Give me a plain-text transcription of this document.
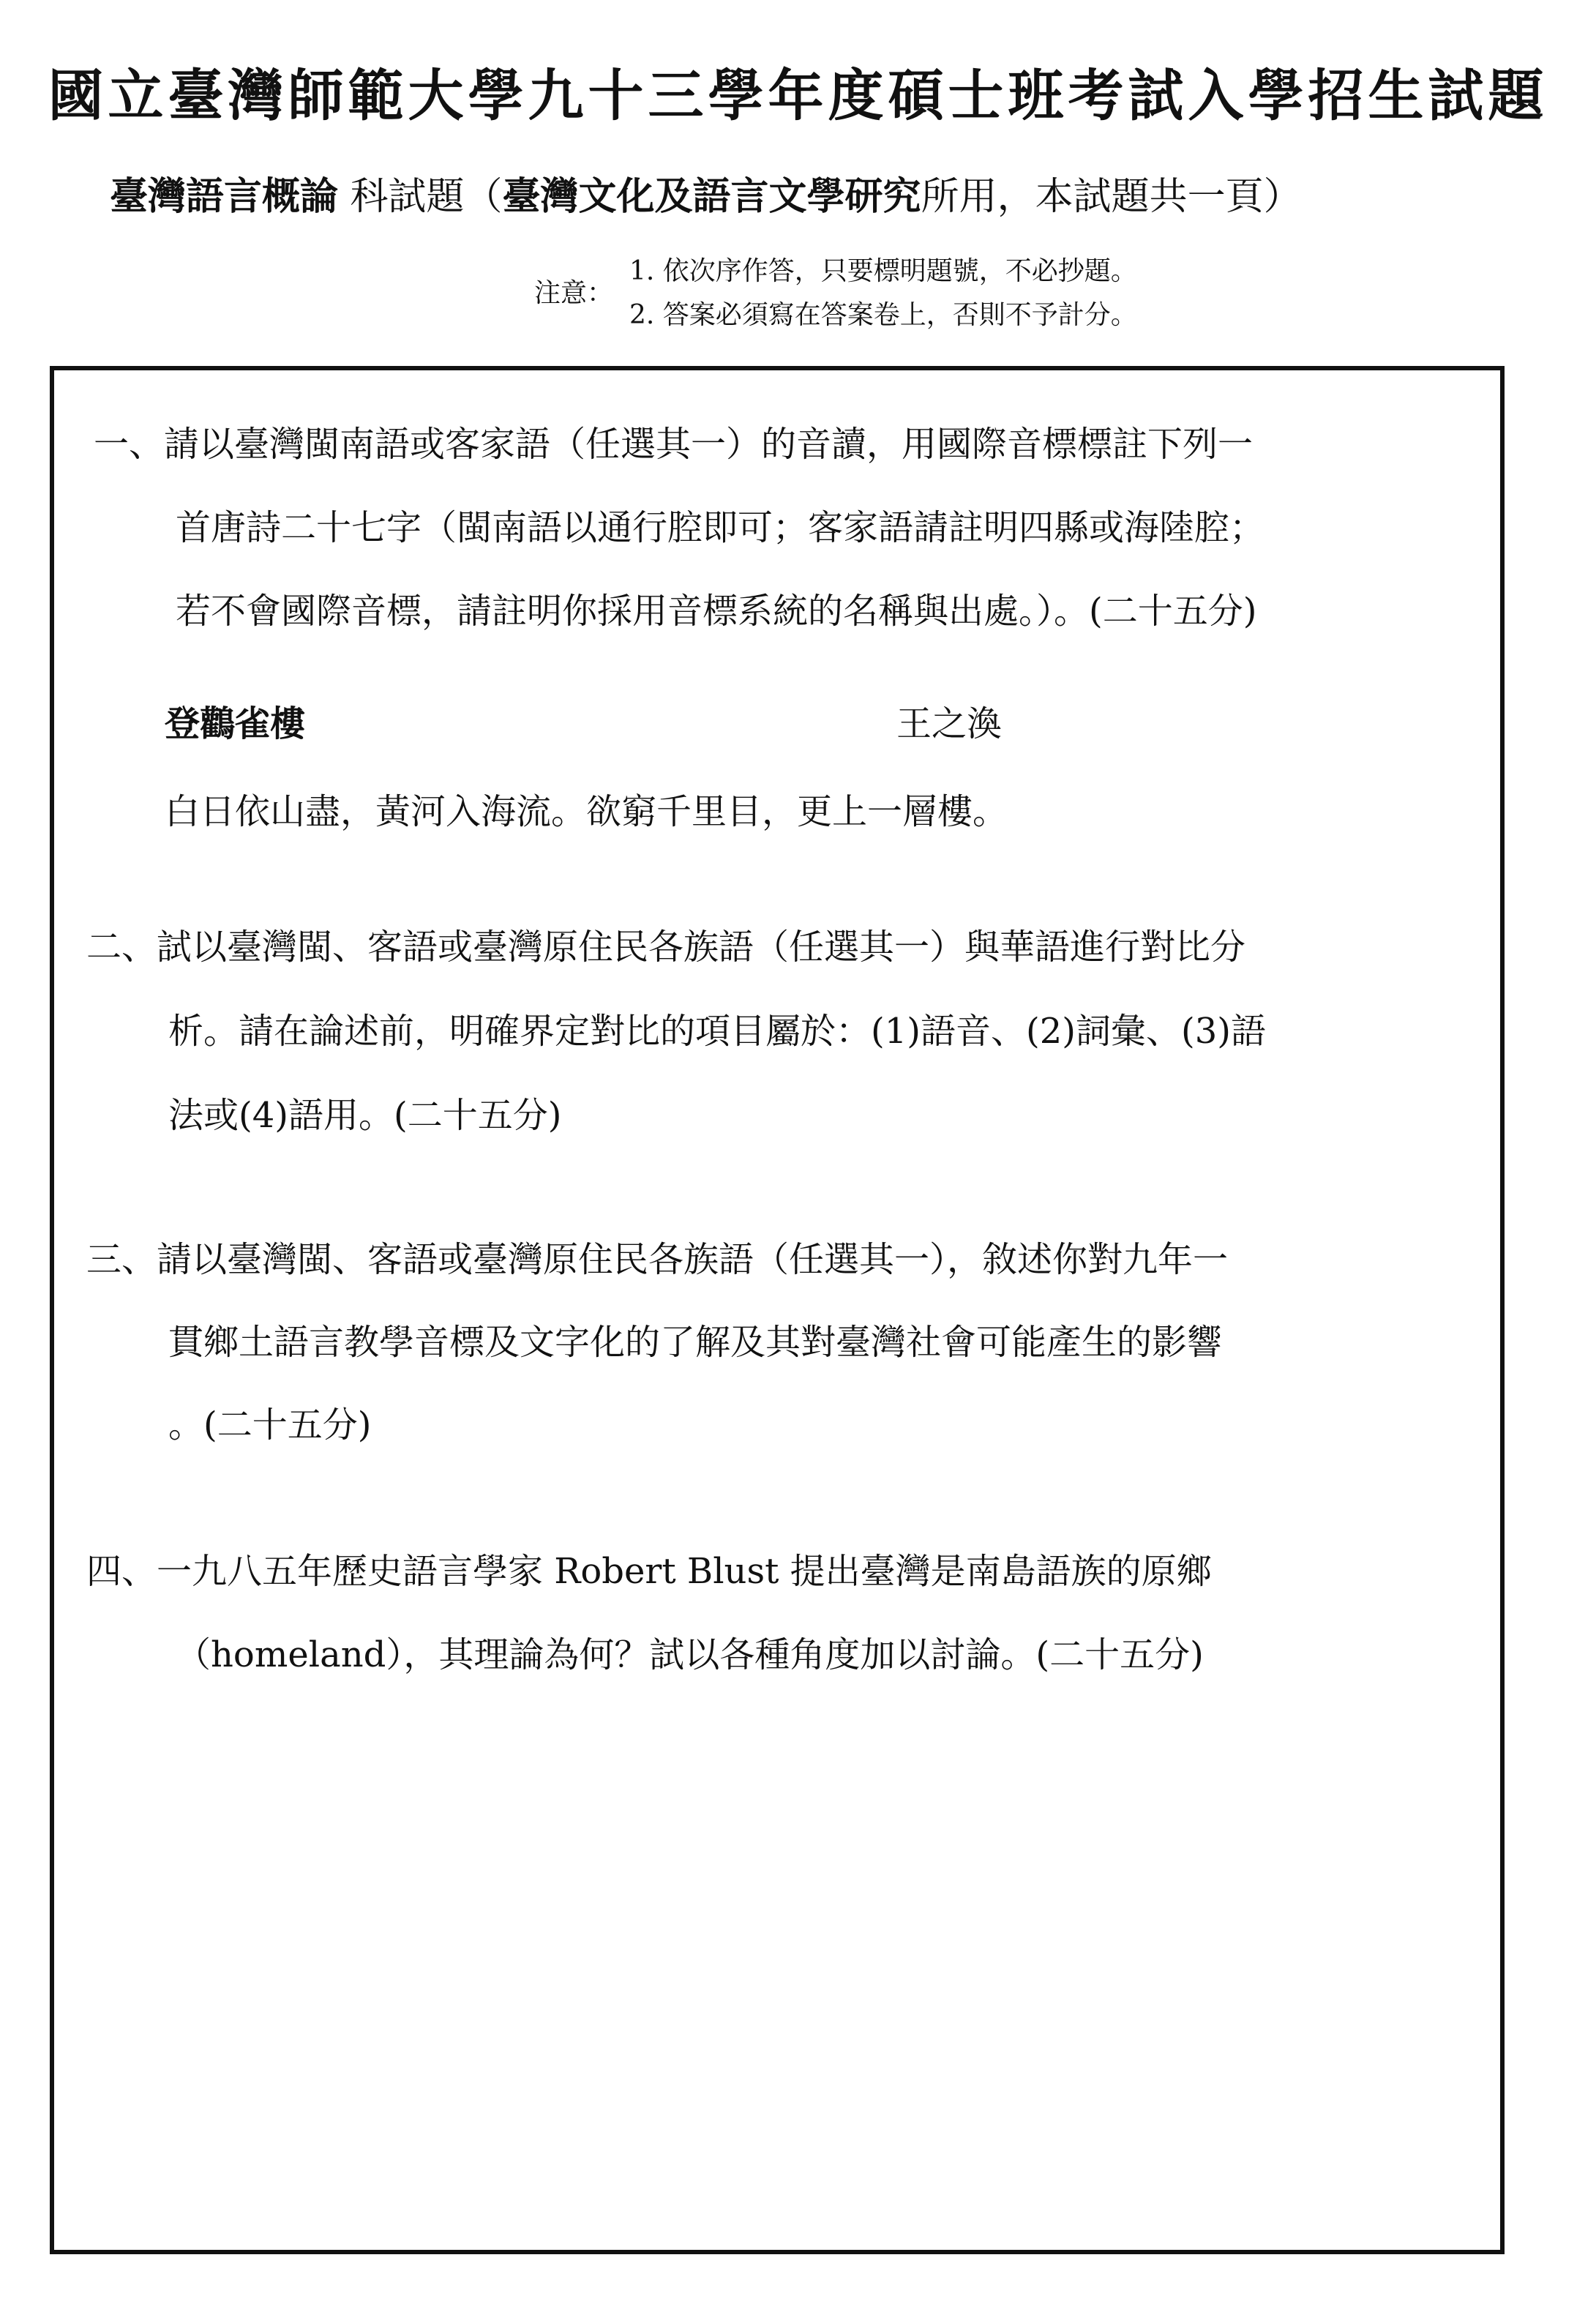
國立臺灣師範大學九十三學年度碩士班考試入學招生試題
臺灣語言概論 科試題（臺灣文化及語言文學研究所用，本試題共一頁）
注意：
1. 依次序作答，只要標明題號，不必抄題。
2. 答案必須寫在答案卷上，否則不予計分。
一、請以臺灣閩南語或客家語（任選其一）的音讀，用國際音標標註下列一
首唐詩二十七字（閩南語以通行腔即可；客家語請註明四縣或海陸腔；
若不會國際音標，請註明你採用音標系統的名稱與出處。）。(二十五分)
登鸛雀樓	王之渙
白日依山盡，黃河入海流。欲窮千里目，更上一層樓。
二、試以臺灣閩、客語或臺灣原住民各族語（任選其一）與華語進行對比分
析。請在論述前，明確界定對比的項目屬於：(1)語音、(2)詞彙、(3)語
法或(4)語用。(二十五分)
三、請以臺灣閩、客語或臺灣原住民各族語（任選其一），敘述你對九年一
貫鄉土語言教學音標及文字化的了解及其對臺灣社會可能產生的影響
。(二十五分)
四、一九八五年歷史語言學家 Robert Blust 提出臺灣是南島語族的原鄉
（homeland），其理論為何？試以各種角度加以討論。(二十五分)
